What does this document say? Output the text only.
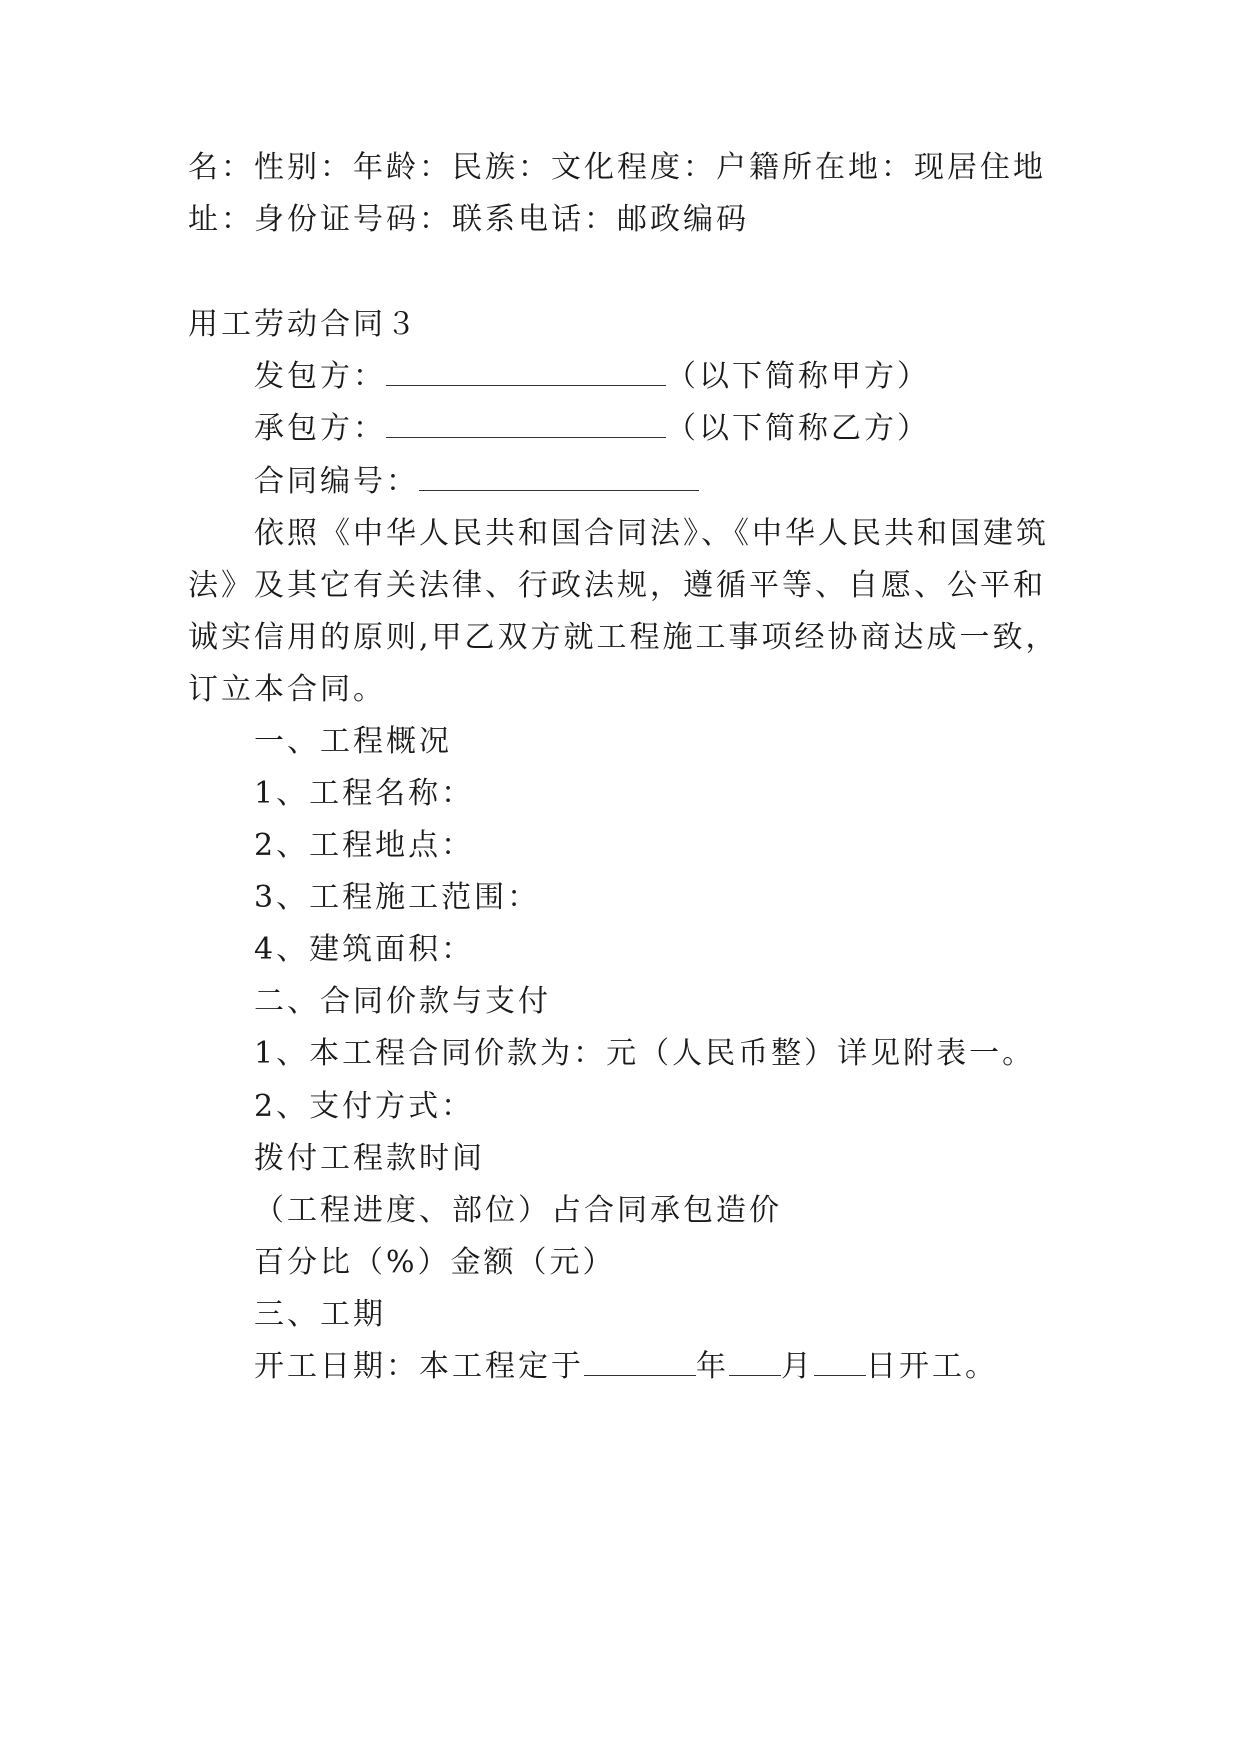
名：性别：年龄：民族：文化程度：户籍所在地：现居住地
址：身份证号码：联系电话：邮政编码
用工劳动合同３
发包方：	（以下简称甲方）
承包方：	（以下简称乙方）
合同编号：
依照《中华人民共和国合同法》、《中华人民共和国建筑
法》及其它有关法律、行政法规，遵循平等、自愿、公平和
诚实信用的原则,甲乙双方就工程施工事项经协商达成一致，
订立本合同。
一、工程概况
1、工程名称：
2、工程地点：
3、工程施工范围：
4、建筑面积：
二、合同价款与支付
1、本工程合同价款为：元（人民币整）详见附表一。
2、支付方式：
拨付工程款时间
（工程进度、部位）占合同承包造价
百分比（%）金额（元）
三、工期
开工日期：本工程定于	年 月 日开工。
